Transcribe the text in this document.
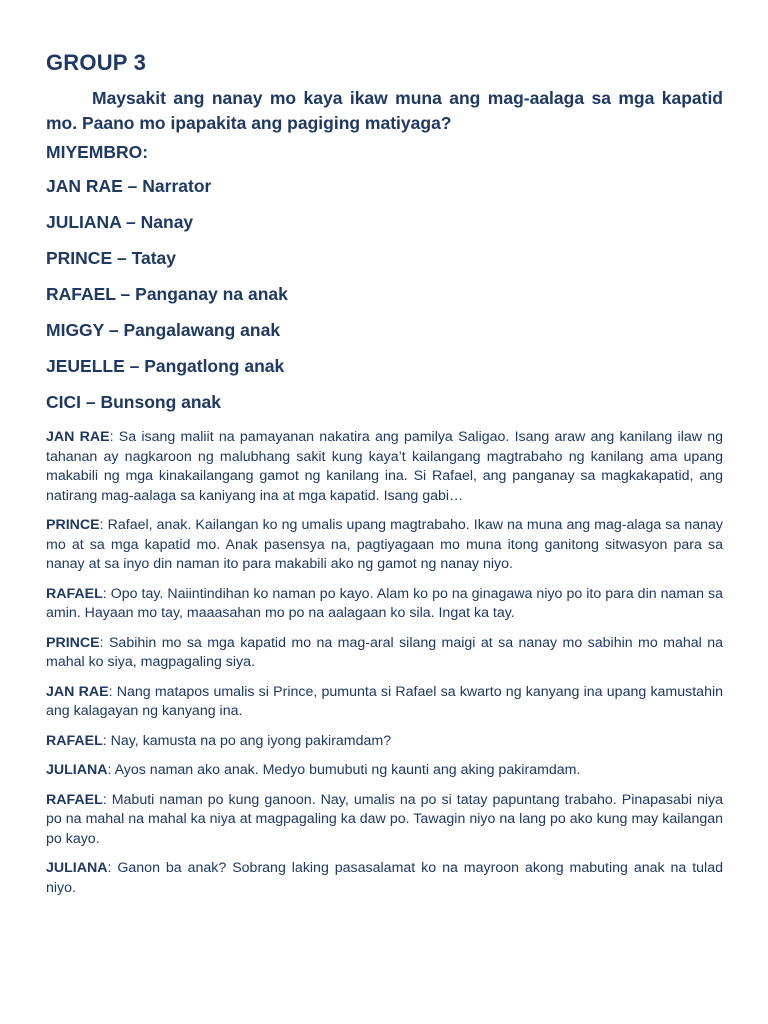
GROUP 3
Maysakit ang nanay mo kaya ikaw muna ang mag-aalaga sa mga kapatid mo. Paano mo ipapakita ang pagiging matiyaga?
MIYEMBRO:
JAN RAE – Narrator
JULIANA – Nanay
PRINCE – Tatay
RAFAEL – Panganay na anak
MIGGY – Pangalawang anak
JEUELLE – Pangatlong anak
CICI – Bunsong anak

JAN RAE: Sa isang maliit na pamayanan nakatira ang pamilya Saligao. Isang araw ang kanilang ilaw ng tahanan ay nagkaroon ng malubhang sakit kung kaya’t kailangang magtrabaho ng kanilang ama upang makabili ng mga kinakailangang gamot ng kanilang ina. Si Rafael, ang panganay sa magkakapatid, ang natirang mag-aalaga sa kaniyang ina at mga kapatid. Isang gabi…

PRINCE: Rafael, anak. Kailangan ko ng umalis upang magtrabaho. Ikaw na muna ang mag-alaga sa nanay mo at sa mga kapatid mo. Anak pasensya na, pagtiyagaan mo muna itong ganitong sitwasyon para sa nanay at sa inyo din naman ito para makabili ako ng gamot ng nanay niyo.

RAFAEL: Opo tay. Naiintindihan ko naman po kayo. Alam ko po na ginagawa niyo po ito para din naman sa amin. Hayaan mo tay, maaasahan mo po na aalagaan ko sila. Ingat ka tay.

PRINCE: Sabihin mo sa mga kapatid mo na mag-aral silang maigi at sa nanay mo sabihin mo mahal na mahal ko siya, magpagaling siya.

JAN RAE: Nang matapos umalis si Prince, pumunta si Rafael sa kwarto ng kanyang ina upang kamustahin ang kalagayan ng kanyang ina.

RAFAEL: Nay, kamusta na po ang iyong pakiramdam?

JULIANA: Ayos naman ako anak. Medyo bumubuti ng kaunti ang aking pakiramdam.

RAFAEL: Mabuti naman po kung ganoon. Nay, umalis na po si tatay papuntang trabaho. Pinapasabi niya po na mahal na mahal ka niya at magpagaling ka daw po. Tawagin niyo na lang po ako kung may kailangan po kayo.

JULIANA: Ganon ba anak? Sobrang laking pasasalamat ko na mayroon akong mabuting anak na tulad niyo.
